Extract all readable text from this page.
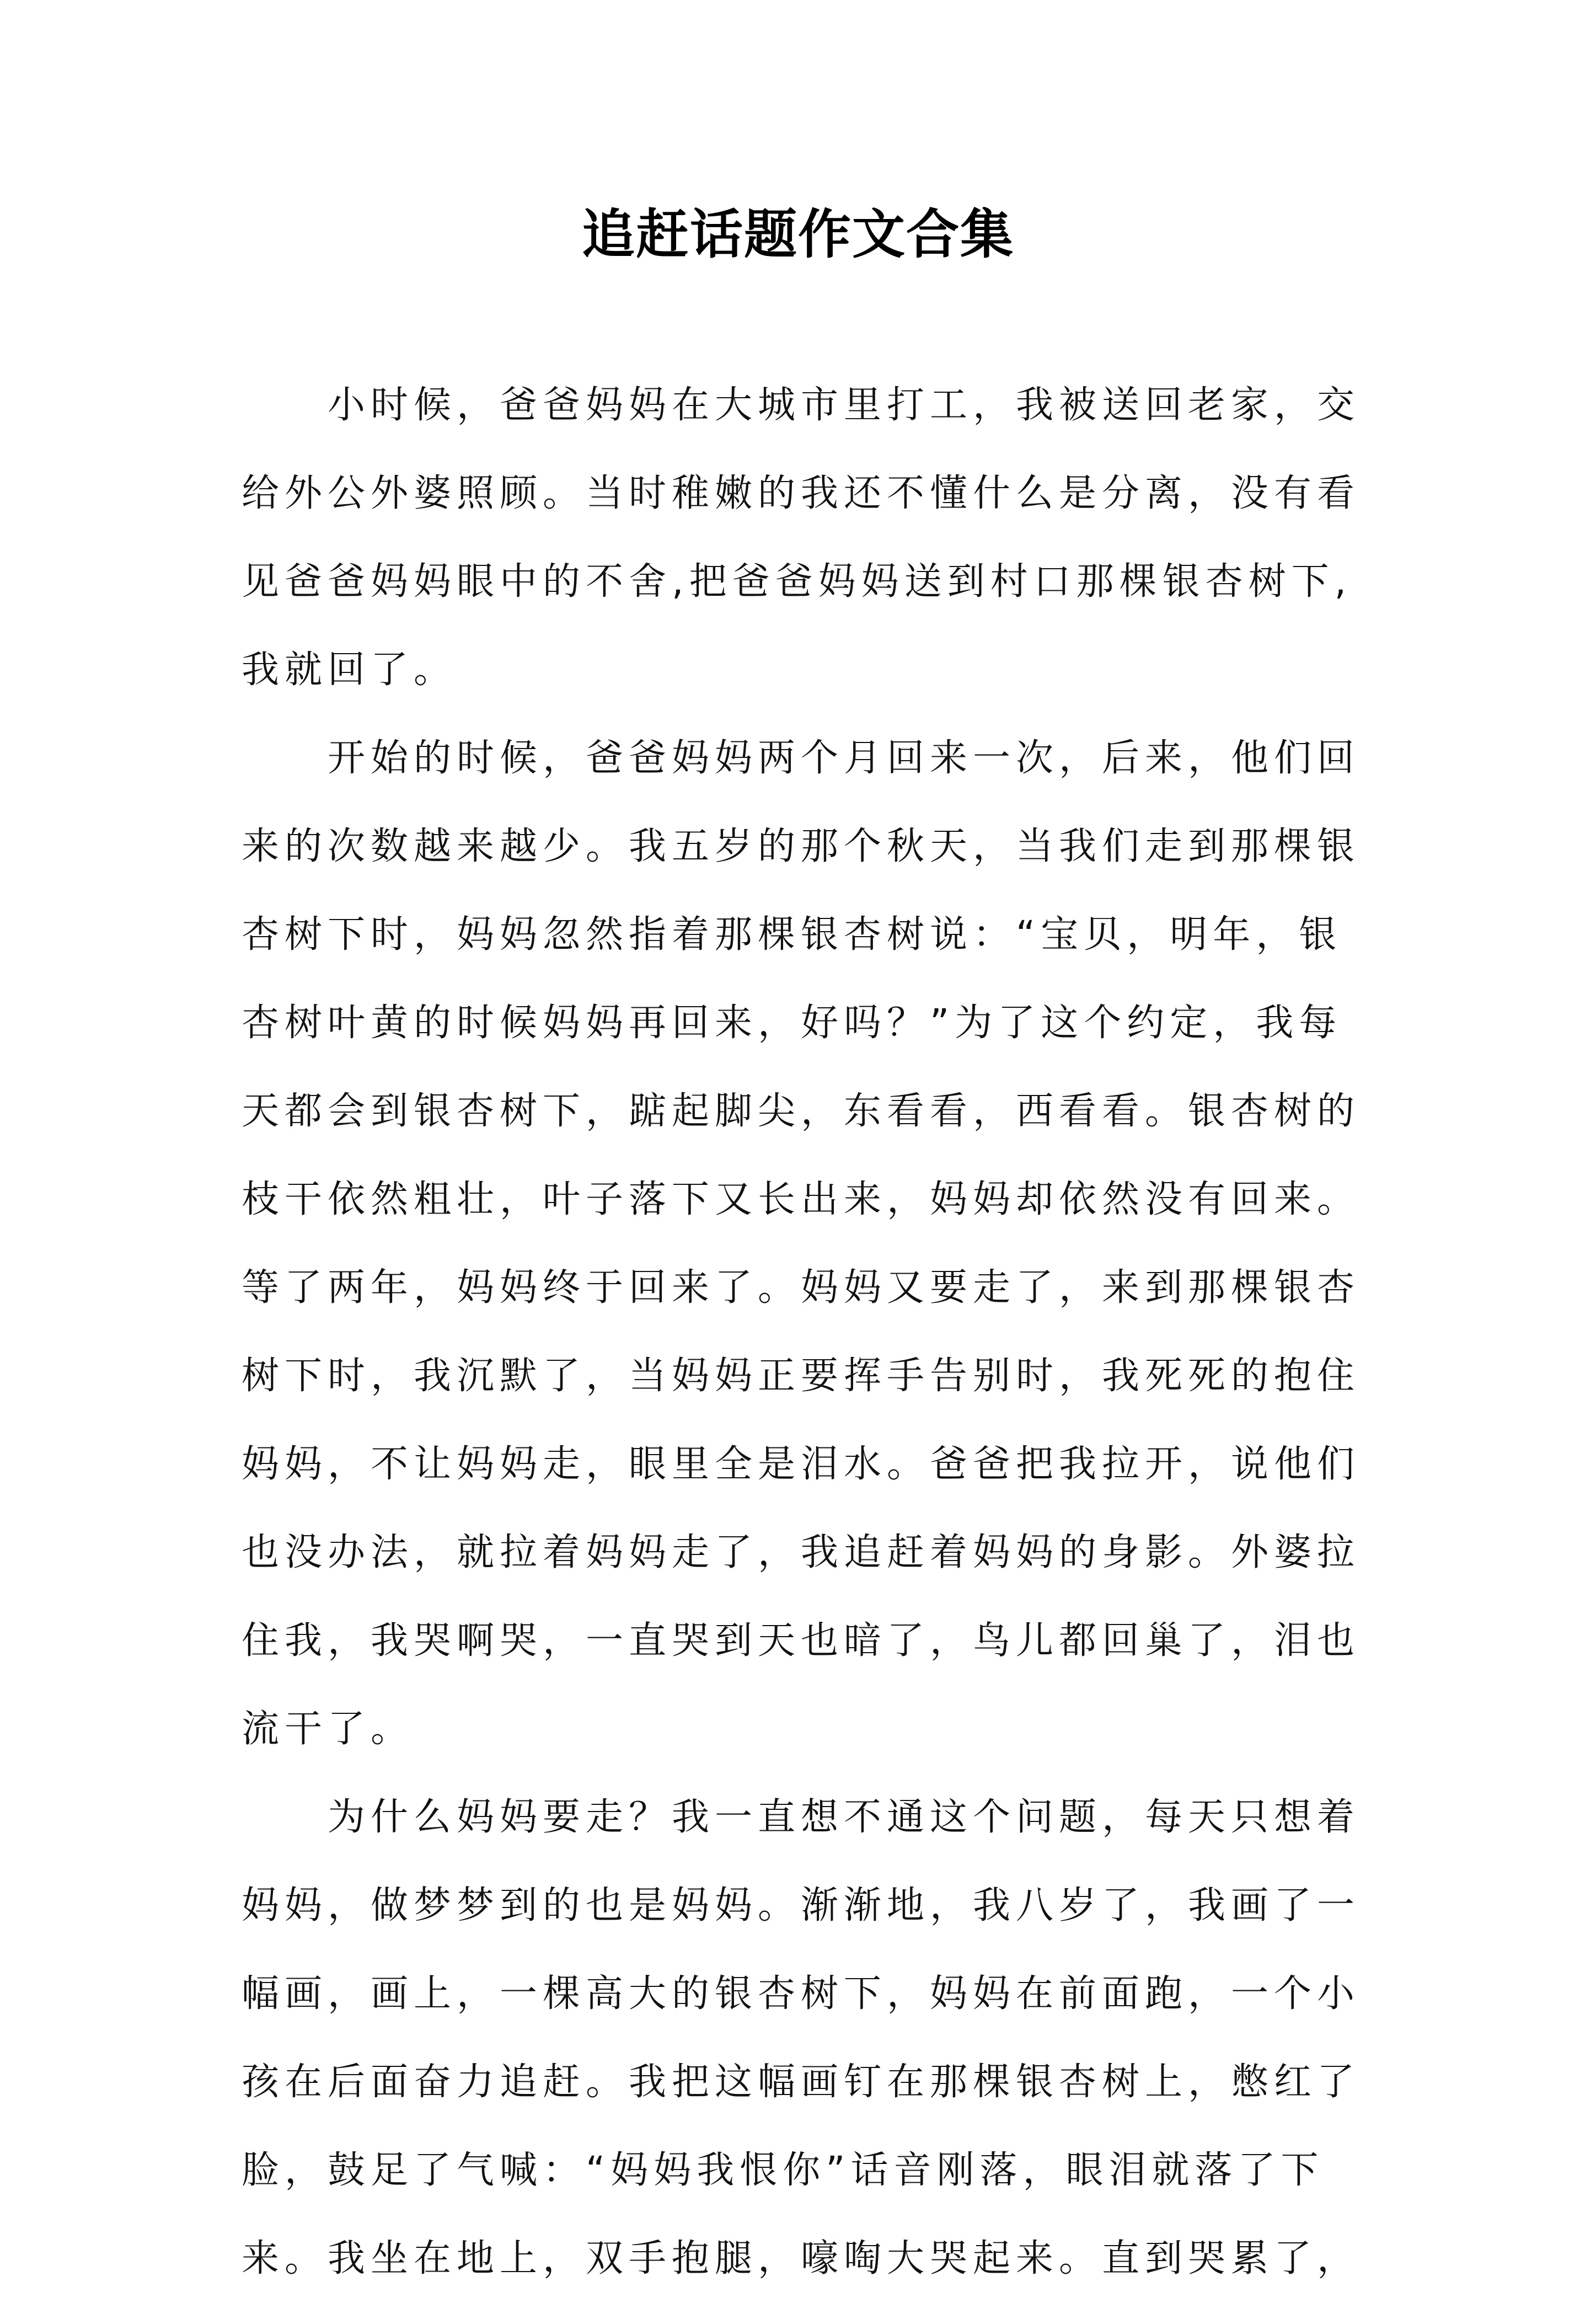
追赶话题作文合集
小时候，爸爸妈妈在大城市里打工，我被送回老家，交
给外公外婆照顾。当时稚嫩的我还不懂什么是分离，没有看
见爸爸妈妈眼中的不舍,把爸爸妈妈送到村口那棵银杏树下,
我就回了。
开始的时候，爸爸妈妈两个月回来一次，后来，他们回
来的次数越来越少。我五岁的那个秋天，当我们走到那棵银
杏树下时，妈妈忽然指着那棵银杏树说：“宝贝，明年，银
杏树叶黄的时候妈妈再回来，好吗？”为了这个约定，我每
天都会到银杏树下，踮起脚尖，东看看，西看看。银杏树的
枝干依然粗壮，叶子落下又长出来，妈妈却依然没有回来。
等了两年，妈妈终于回来了。妈妈又要走了，来到那棵银杏
树下时，我沉默了，当妈妈正要挥手告别时，我死死的抱住
妈妈，不让妈妈走，眼里全是泪水。爸爸把我拉开，说他们
也没办法，就拉着妈妈走了，我追赶着妈妈的身影。外婆拉
住我，我哭啊哭，一直哭到天也暗了，鸟儿都回巢了，泪也
流干了。
为什么妈妈要走？我一直想不通这个问题，每天只想着
妈妈，做梦梦到的也是妈妈。渐渐地，我八岁了，我画了一
幅画，画上，一棵高大的银杏树下，妈妈在前面跑，一个小
孩在后面奋力追赶。我把这幅画钉在那棵银杏树上，憋红了
脸，鼓足了气喊：“妈妈我恨你”话音刚落，眼泪就落了下
来。我坐在地上，双手抱腿，嚎啕大哭起来。直到哭累了，
